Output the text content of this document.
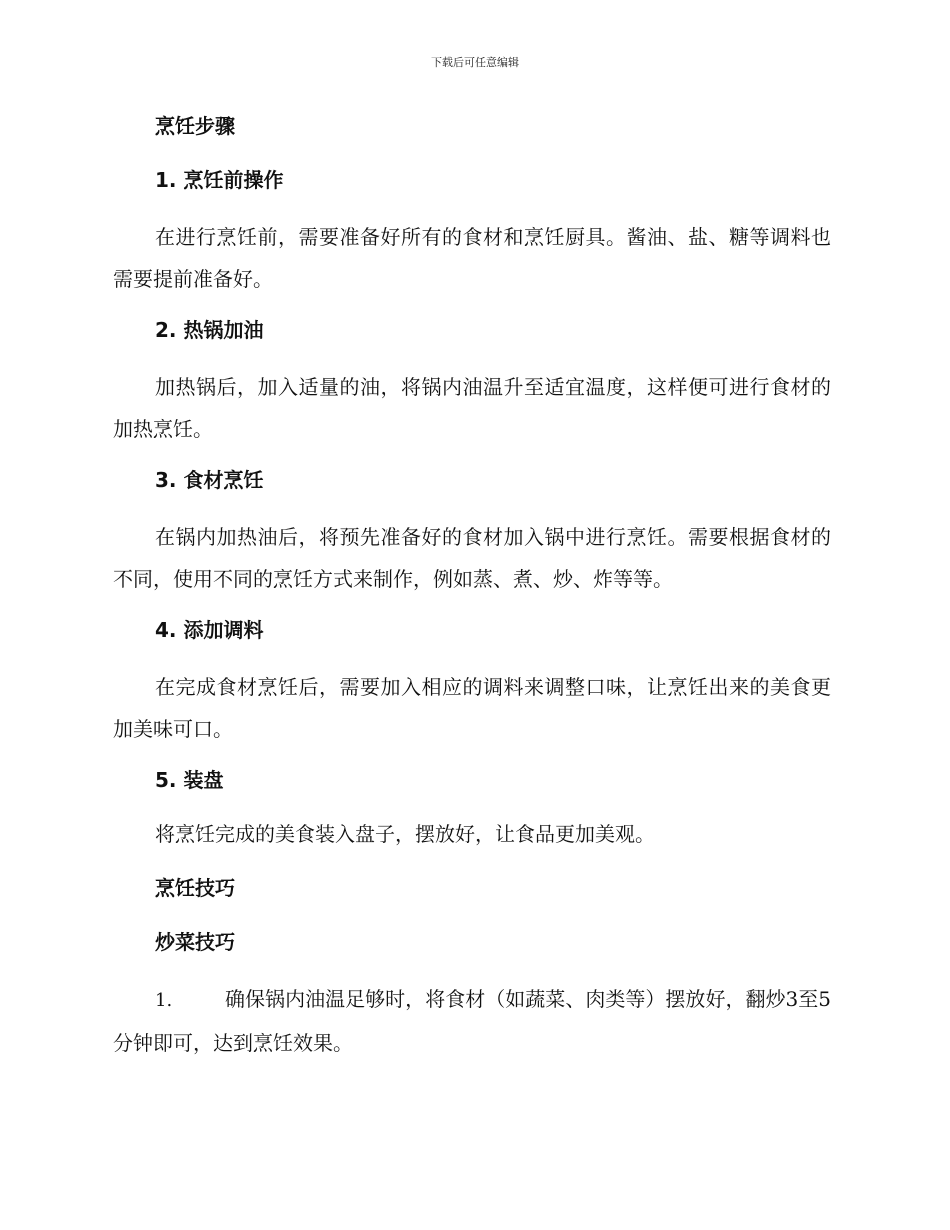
下载后可任意编辑
烹饪步骤
1. 烹饪前操作

在进行烹饪前，需要准备好所有的食材和烹饪厨具。酱油、盐、糖等调料也需要提前准备好。

2. 热锅加油

加热锅后，加入适量的油，将锅内油温升至适宜温度，这样便可进行食材的加热烹饪。

3. 食材烹饪

在锅内加热油后，将预先准备好的食材加入锅中进行烹饪。需要根据食材的不同，使用不同的烹饪方式来制作，例如蒸、煮、炒、炸等等。

4. 添加调料

在完成食材烹饪后，需要加入相应的调料来调整口味，让烹饪出来的美食更加美味可口。

5. 装盘

将烹饪完成的美食装入盘子，摆放好，让食品更加美观。

烹饪技巧
炒菜技巧

1.	确保锅内油温足够时，将食材（如蔬菜、肉类等）摆放好，翻炒3至5分钟即可，达到烹饪效果。
